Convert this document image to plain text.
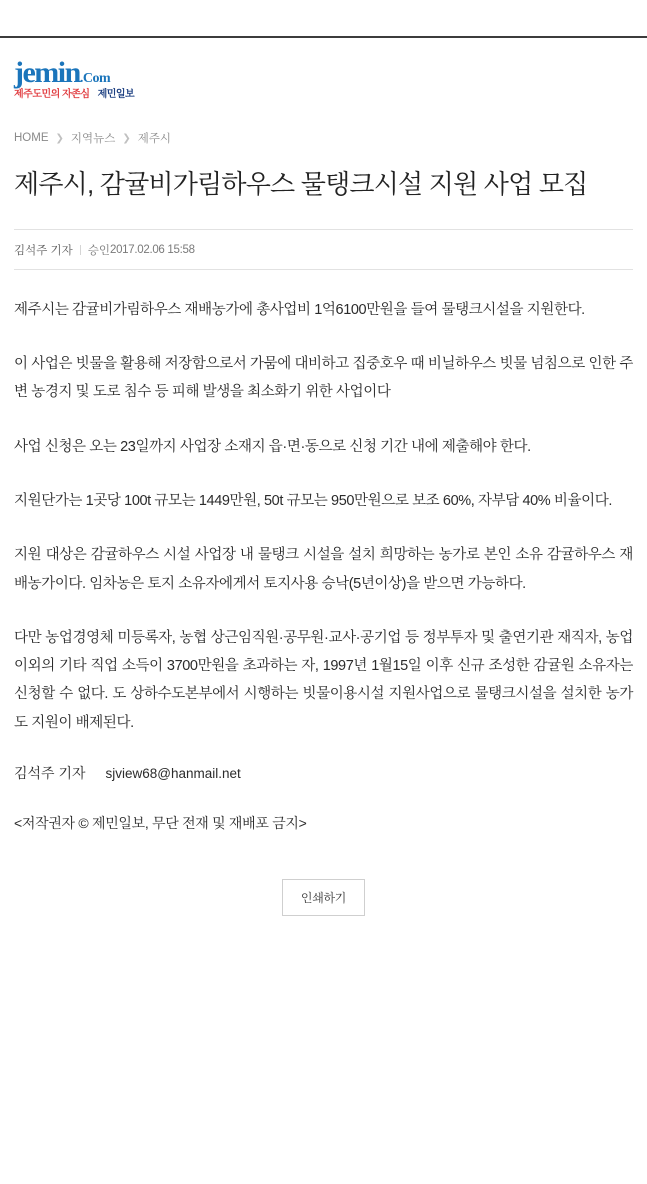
jemin.Com
제주도민의 자존심 제민일보
HOME ❯ 지역뉴스 ❯ 제주시
제주시, 감귤비가림하우스 물탱크시설 지원 사업 모집
김석주 기자 승인 2017.02.06 15:58

제주시는 감귤비가림하우스 재배농가에 총사업비 1억6100만원을 들여 물탱크시설을 지원한다.

이 사업은 빗물을 활용해 저장함으로서 가뭄에 대비하고 집중호우 때 비닐하우스 빗물 넘침으로 인한 주변 농경지 및 도로 침수 등 피해 발생을 최소화기 위한 사업이다

사업 신청은 오는 23일까지 사업장 소재지 읍·면·동으로 신청 기간 내에 제출해야 한다.

지원단가는 1곳당 100t 규모는 1449만원, 50t 규모는 950만원으로 보조 60%, 자부담 40% 비율이다.

지원 대상은 감귤하우스 시설 사업장 내 물탱크 시설을 설치 희망하는 농가로 본인 소유 감귤하우스 재배농가이다. 임차농은 토지 소유자에게서 토지사용 승낙(5년이상)을 받으면 가능하다.

다만 농업경영체 미등록자, 농협 상근임직원·공무원·교사·공기업 등 정부투자 및 출연기관 재직자, 농업 이외의 기타 직업 소득이 3700만원을 초과하는 자, 1997년 1월15일 이후 신규 조성한 감귤원 소유자는 신청할 수 없다. 도 상하수도본부에서 시행하는 빗물이용시설 지원사업으로 물탱크시설을 설치한 농가도 지원이 배제된다.

김석주 기자 sjview68@hanmail.net
<저작권자 © 제민일보, 무단 전재 및 재배포 금지>
인쇄하기
